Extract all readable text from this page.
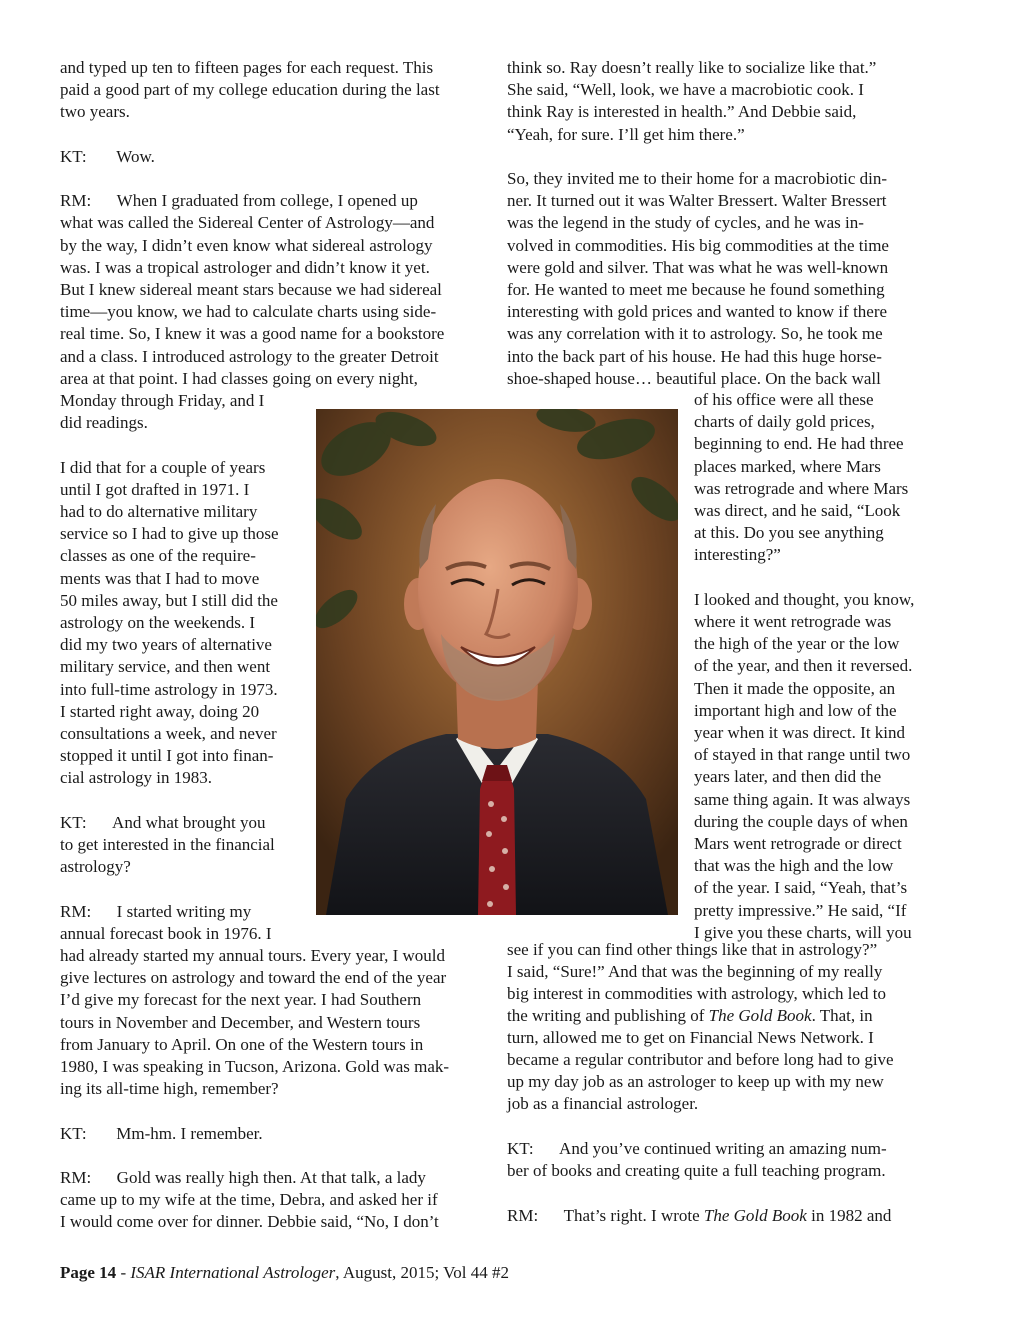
and typed up ten to fifteen pages for each request. This
paid a good part of my college education during the last
two years.
KT:       Wow.
RM:      When I graduated from college, I opened up
what was called the Sidereal Center of Astrology—and
by the way, I didn’t even know what sidereal astrology
was. I was a tropical astrologer and didn’t know it yet.
But I knew sidereal meant stars because we had sidereal
time—you know, we had to calculate charts using side-
real time. So, I knew it was a good name for a bookstore
and a class. I introduced astrology to the greater Detroit
area at that point. I had classes going on every night,
Monday through Friday, and I
did readings.
I did that for a couple of years
until I got drafted in 1971. I
had to do alternative military
service so I had to give up those
classes as one of the require-
ments was that I had to move
50 miles away, but I still did the
astrology on the weekends. I
did my two years of alternative
military service, and then went
into full-time astrology in 1973.
I started right away, doing 20
consultations a week, and never
stopped it until I got into finan-
cial astrology in 1983.
KT:      And what brought you
to get interested in the financial
astrology?
RM:      I started writing my
annual forecast book in 1976. I
had already started my annual tours. Every year, I would
give lectures on astrology and toward the end of the year
I’d give my forecast for the next year. I had Southern
tours in November and December, and Western tours
from January to April. On one of the Western tours in
1980, I was speaking in Tucson, Arizona. Gold was mak-
ing its all-time high, remember?
KT:       Mm-hm. I remember.
RM:      Gold was really high then. At that talk, a lady
came up to my wife at the time, Debra, and asked her if
I would come over for dinner. Debbie said, “No, I don’t
think so. Ray doesn’t really like to socialize like that.”
She said, “Well, look, we have a macrobiotic cook. I
think Ray is interested in health.” And Debbie said,
“Yeah, for sure. I’ll get him there.”
So, they invited me to their home for a macrobiotic din-
ner. It turned out it was Walter Bressert. Walter Bressert
was the legend in the study of cycles, and he was in-
volved in commodities. His big commodities at the time
were gold and silver. That was what he was well-known
for. He wanted to meet me because he found something
interesting with gold prices and wanted to know if there
was any correlation with it to astrology. So, he took me
into the back part of his house. He had this huge horse-
shoe-shaped house… beautiful place. On the back wall
of his office were all these
charts of daily gold prices,
beginning to end. He had three
places marked, where Mars
was retrograde and where Mars
was direct, and he said, “Look
at this. Do you see anything
interesting?”
I looked and thought, you know,
where it went retrograde was
the high of the year or the low
of the year, and then it reversed.
Then it made the opposite, an
important high and low of the
year when it was direct. It kind
of stayed in that range until two
years later, and then did the
same thing again. It was always
during the couple days of when
Mars went retrograde or direct
that was the high and the low
of the year. I said, “Yeah, that’s
pretty impressive.” He said, “If
I give you these charts, will you
see if you can find other things like that in astrology?”
I said, “Sure!” And that was the beginning of my really
big interest in commodities with astrology, which led to
the writing and publishing of The Gold Book. That, in
turn, allowed me to get on Financial News Network. I
became a regular contributor and before long had to give
up my day job as an astrologer to keep up with my new
job as a financial astrologer.
KT:      And you’ve continued writing an amazing num-
ber of books and creating quite a full teaching program.
RM:      That’s right. I wrote The Gold Book in 1982 and
Page 14 - ISAR International Astrologer, August, 2015; Vol 44 #2
